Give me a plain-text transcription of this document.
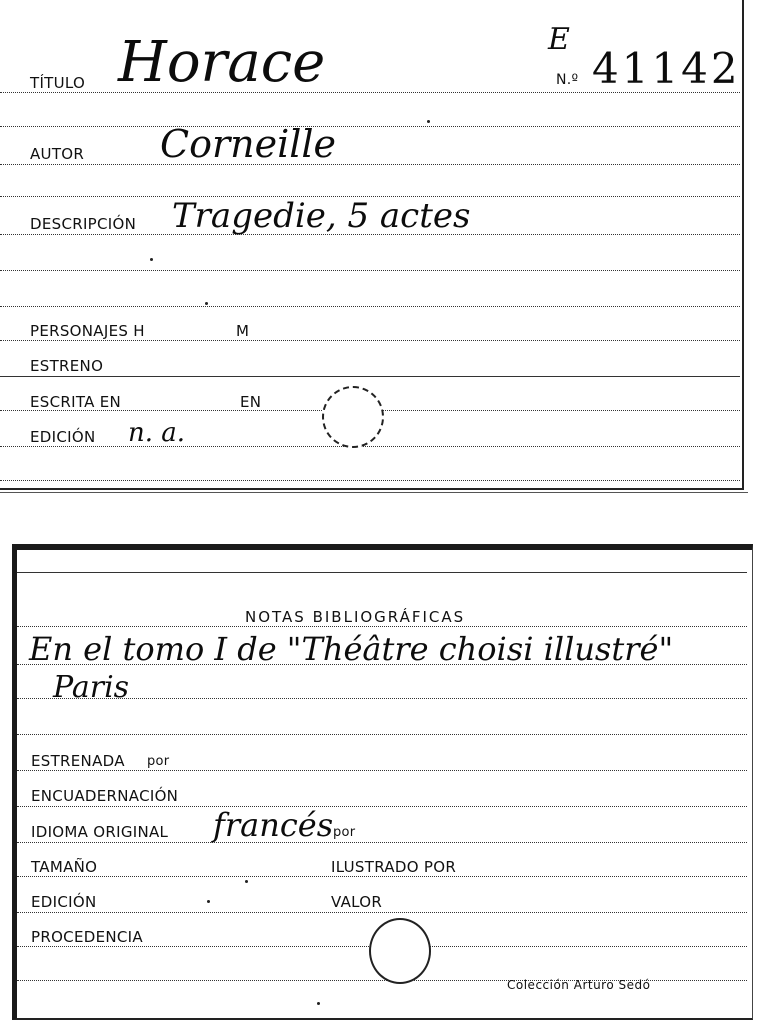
TÍTULO Horace	E
N.º 41142
AUTOR Corneille
DESCRIPCIÓN Tragedie, 5 actes
PERSONAJES H	M
ESTRENO
ESCRITA EN	EN
EDICIÓN n. a.
NOTAS BIBLIOGRÁFICAS
En el tomo I de "Théâtre choisi illustré"
Paris
ESTRENADA por
ENCUADERNACIÓN
IDIOMA ORIGINAL francés por
TAMAÑO	ILUSTRADO POR
EDICIÓN	VALOR
PROCEDENCIA
Colección Arturo Sedó
